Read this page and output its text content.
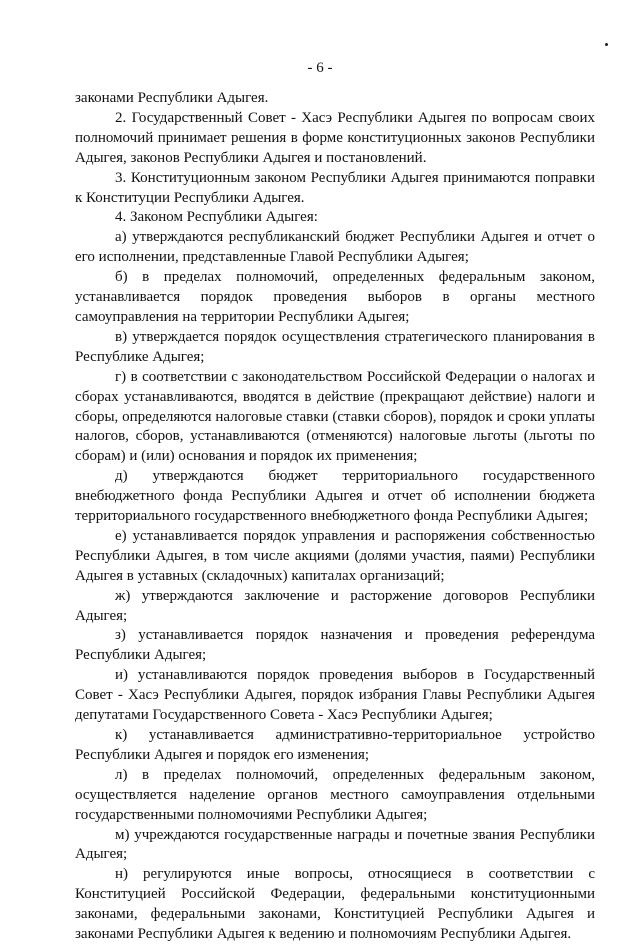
- 6 -

законами Республики Адыгея.

2. Государственный Совет - Хасэ Республики Адыгея по вопросам своих полномочий принимает решения в форме конституционных законов Республики Адыгея, законов Республики Адыгея и постановлений.

3. Конституционным законом Республики Адыгея принимаются поправки к Конституции Республики Адыгея.

4. Законом Республики Адыгея:

а) утверждаются республиканский бюджет Республики Адыгея и отчет о его исполнении, представленные Главой Республики Адыгея;

б) в пределах полномочий, определенных федеральным законом, устанавливается порядок проведения выборов в органы местного самоуправления на территории Республики Адыгея;

в) утверждается порядок осуществления стратегического планирования в Республике Адыгея;

г) в соответствии с законодательством Российской Федерации о налогах и сборах устанавливаются, вводятся в действие (прекращают действие) налоги и сборы, определяются налоговые ставки (ставки сборов), порядок и сроки уплаты налогов, сборов, устанавливаются (отменяются) налоговые льготы (льготы по сборам) и (или) основания и порядок их применения;

д) утверждаются бюджет территориального государственного внебюджетного фонда Республики Адыгея и отчет об исполнении бюджета территориального государственного внебюджетного фонда Республики Адыгея;

е) устанавливается порядок управления и распоряжения собственностью Республики Адыгея, в том числе акциями (долями участия, паями) Республики Адыгея в уставных (складочных) капиталах организаций;

ж) утверждаются заключение и расторжение договоров Республики Адыгея;

з) устанавливается порядок назначения и проведения референдума Республики Адыгея;

и) устанавливаются порядок проведения выборов в Государственный Совет - Хасэ Республики Адыгея, порядок избрания Главы Республики Адыгея депутатами Государственного Совета - Хасэ Республики Адыгея;

к) устанавливается административно-территориальное устройство Республики Адыгея и порядок его изменения;

л) в пределах полномочий, определенных федеральным законом, осуществляется наделение органов местного самоуправления отдельными государственными полномочиями Республики Адыгея;

м) учреждаются государственные награды и почетные звания Республики Адыгея;

н) регулируются иные вопросы, относящиеся в соответствии с Конституцией Российской Федерации, федеральными конституционными законами, федеральными законами, Конституцией Республики Адыгея и законами Республики Адыгея к ведению и полномочиям Республики Адыгея.
